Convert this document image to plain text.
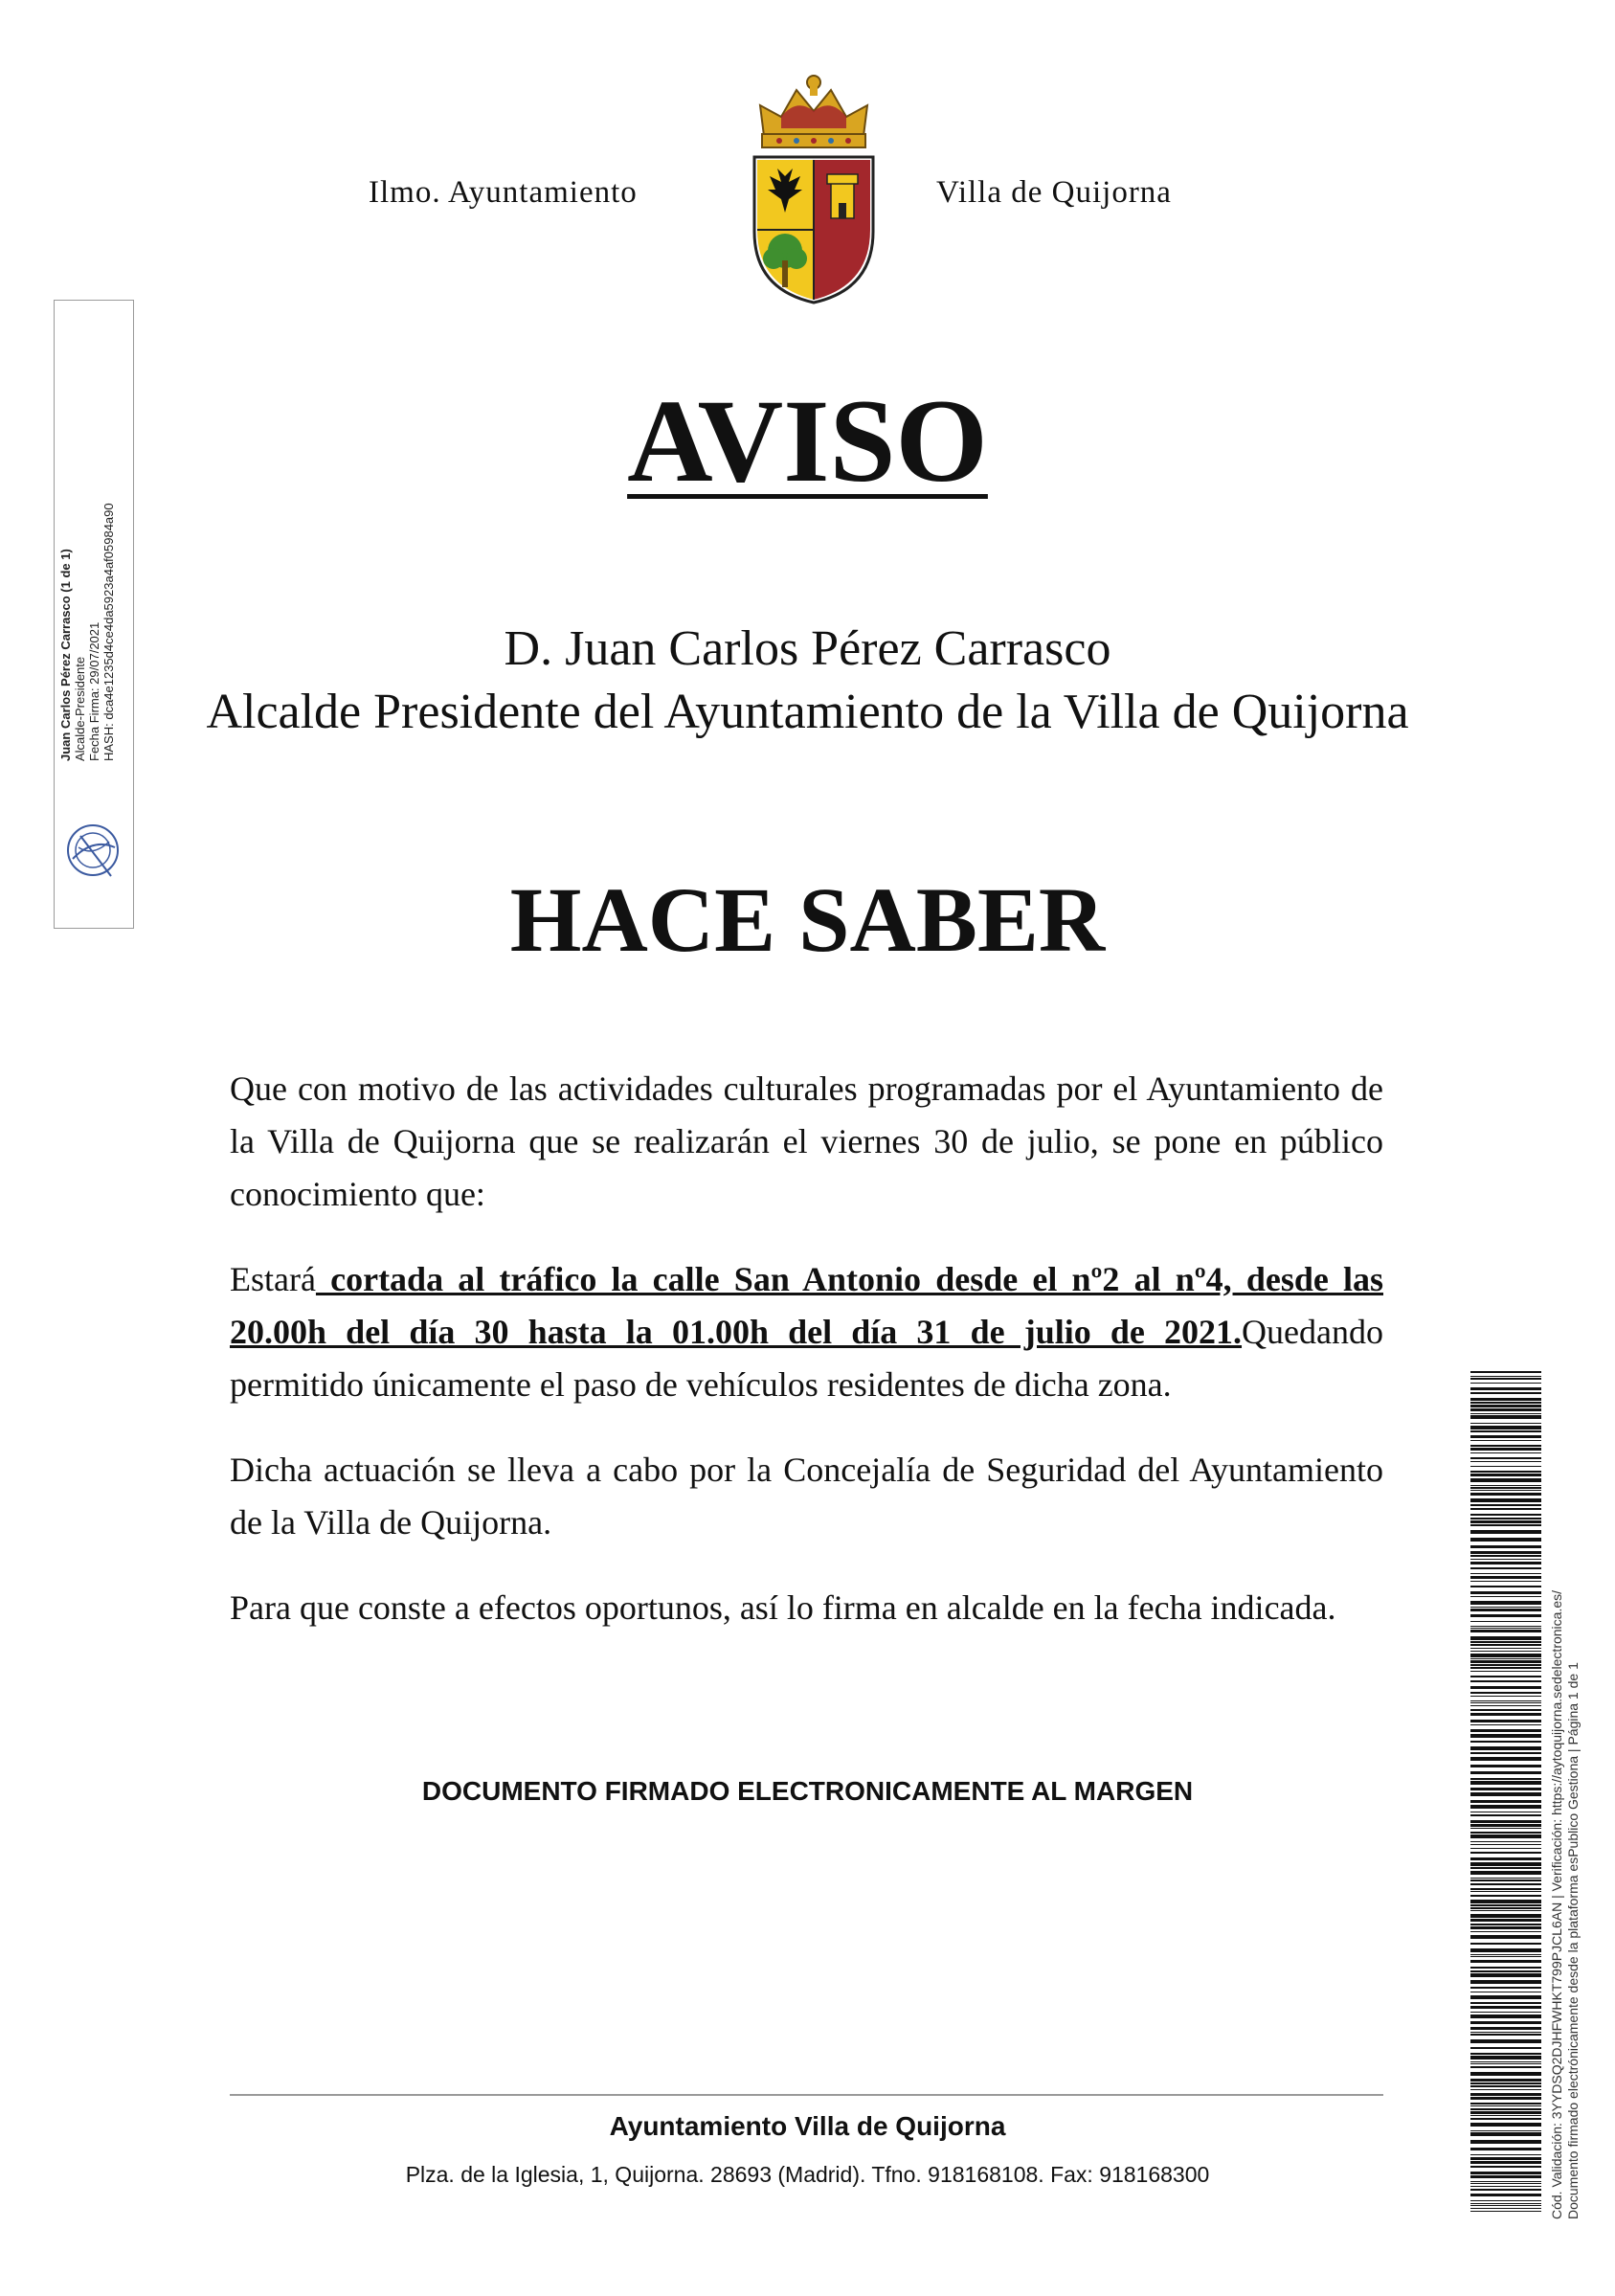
Ilmo. Ayuntamiento	Villa de Quijorna
AVISO
D. Juan Carlos Pérez Carrasco
Alcalde Presidente del Ayuntamiento de la Villa de Quijorna
HACE SABER

Que con motivo de las actividades culturales programadas por el Ayuntamiento de la Villa de Quijorna que se realizarán el viernes 30 de julio, se pone en público conocimiento que:

Estará cortada al tráfico la calle San Antonio desde el nº2 al nº4, desde las 20.00h del día 30 hasta la 01.00h del día 31 de julio de 2021.Quedando permitido únicamente el paso de vehículos residentes de dicha zona.

Dicha actuación se lleva a cabo por la Concejalía de Seguridad del Ayuntamiento de la Villa de Quijorna.

Para que conste a efectos oportunos, así lo firma en alcalde en la fecha indicada.

DOCUMENTO FIRMADO ELECTRONICAMENTE AL MARGEN
Ayuntamiento Villa de Quijorna
Plza. de la Iglesia, 1, Quijorna. 28693 (Madrid). Tfno. 918168108. Fax: 918168300
Juan Carlos Pérez Carrasco (1 de 1) Alcalde-Presidente Fecha Firma: 29/07/2021 HASH: dca4e1235d4ce4da5923a4af05984a90
Cód. Validación: 3YYDSQ2DJHFWHKT799PJCL6AN | Verificación: https://aytoquijorna.sedelectronica.es/ Documento firmado electrónicamente desde la plataforma esPublico Gestiona | Página 1 de 1
